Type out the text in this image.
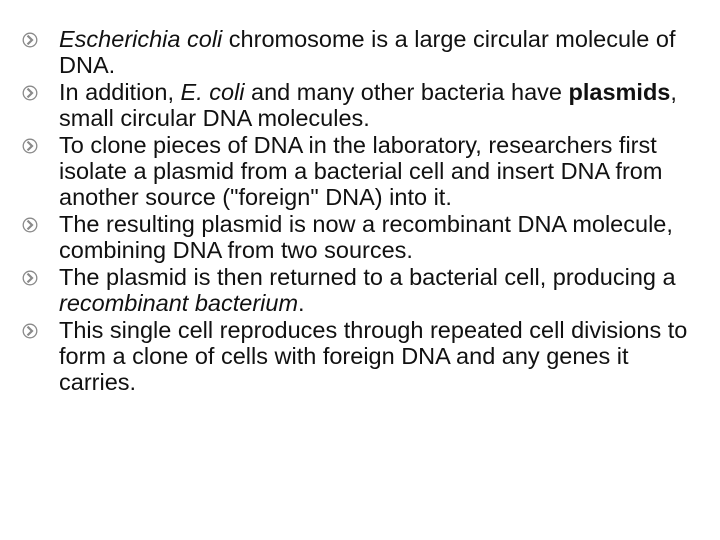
Escherichia coli chromosome is a large circular molecule of DNA.
In addition, E. coli and many other bacteria have plasmids, small circular DNA molecules.
To clone pieces of DNA in the laboratory, researchers first isolate a plasmid from a bacterial cell and insert DNA from another source ("foreign" DNA) into it.
The resulting plasmid is now a recombinant DNA molecule, combining DNA from two sources.
The plasmid is then returned to a bacterial cell, producing a recombinant bacterium.
This single cell reproduces through repeated cell divisions to form a clone of cells with foreign DNA and any genes it carries.
